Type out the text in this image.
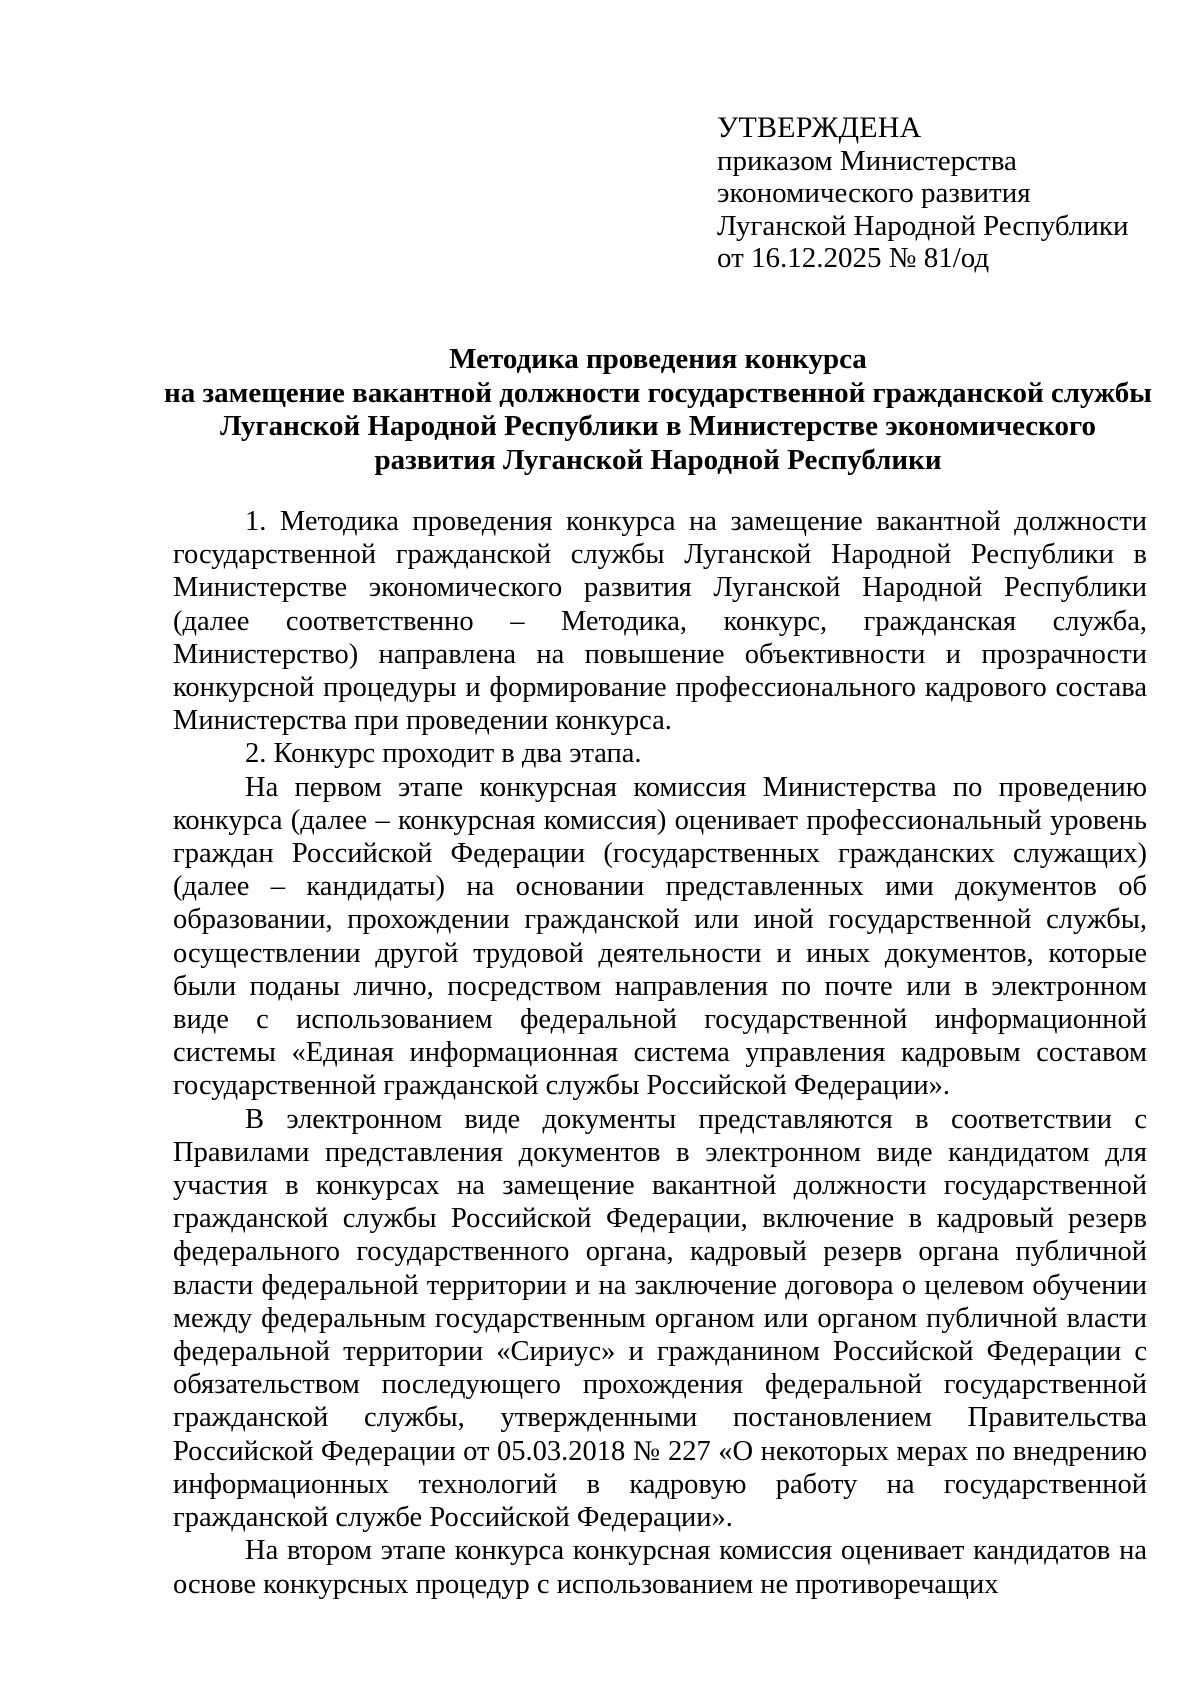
УТВЕРЖДЕНА
приказом Министерства
экономического развития
Луганской Народной Республики
от 16.12.2025 № 81/од
Методика проведения конкурса
на замещение вакантной должности государственной гражданской службы
Луганской Народной Республики в Министерстве экономического
развития Луганской Народной Республики

1. Методика проведения конкурса на замещение вакантной должности государственной гражданской службы Луганской Народной Республики в Министерстве экономического развития Луганской Народной Республики (далее соответственно – Методика, конкурс, гражданская служба, Министерство) направлена на повышение объективности и прозрачности конкурсной процедуры и формирование профессионального кадрового состава Министерства при проведении конкурса.

2. Конкурс проходит в два этапа.

На первом этапе конкурсная комиссия Министерства по проведению конкурса (далее – конкурсная комиссия) оценивает профессиональный уровень граждан Российской Федерации (государственных гражданских служащих) (далее – кандидаты) на основании представленных ими документов об образовании, прохождении гражданской или иной государственной службы, осуществлении другой трудовой деятельности и иных документов, которые были поданы лично, посредством направления по почте или в электронном виде с использованием федеральной государственной информационной системы «Единая информационная система управления кадровым составом государственной гражданской службы Российской Федерации».

В электронном виде документы представляются в соответствии с Правилами представления документов в электронном виде кандидатом для участия в конкурсах на замещение вакантной должности государственной гражданской службы Российской Федерации, включение в кадровый резерв федерального государственного органа, кадровый резерв органа публичной власти федеральной территории и на заключение договора о целевом обучении между федеральным государственным органом или органом публичной власти федеральной территории «Сириус» и гражданином Российской Федерации с обязательством последующего прохождения федеральной государственной гражданской службы, утвержденными постановлением Правительства Российской Федерации от 05.03.2018 № 227 «О некоторых мерах по внедрению информационных технологий в кадровую работу на государственной гражданской службе Российской Федерации».

На втором этапе конкурса конкурсная комиссия оценивает кандидатов на основе конкурсных процедур с использованием не противоречащих
